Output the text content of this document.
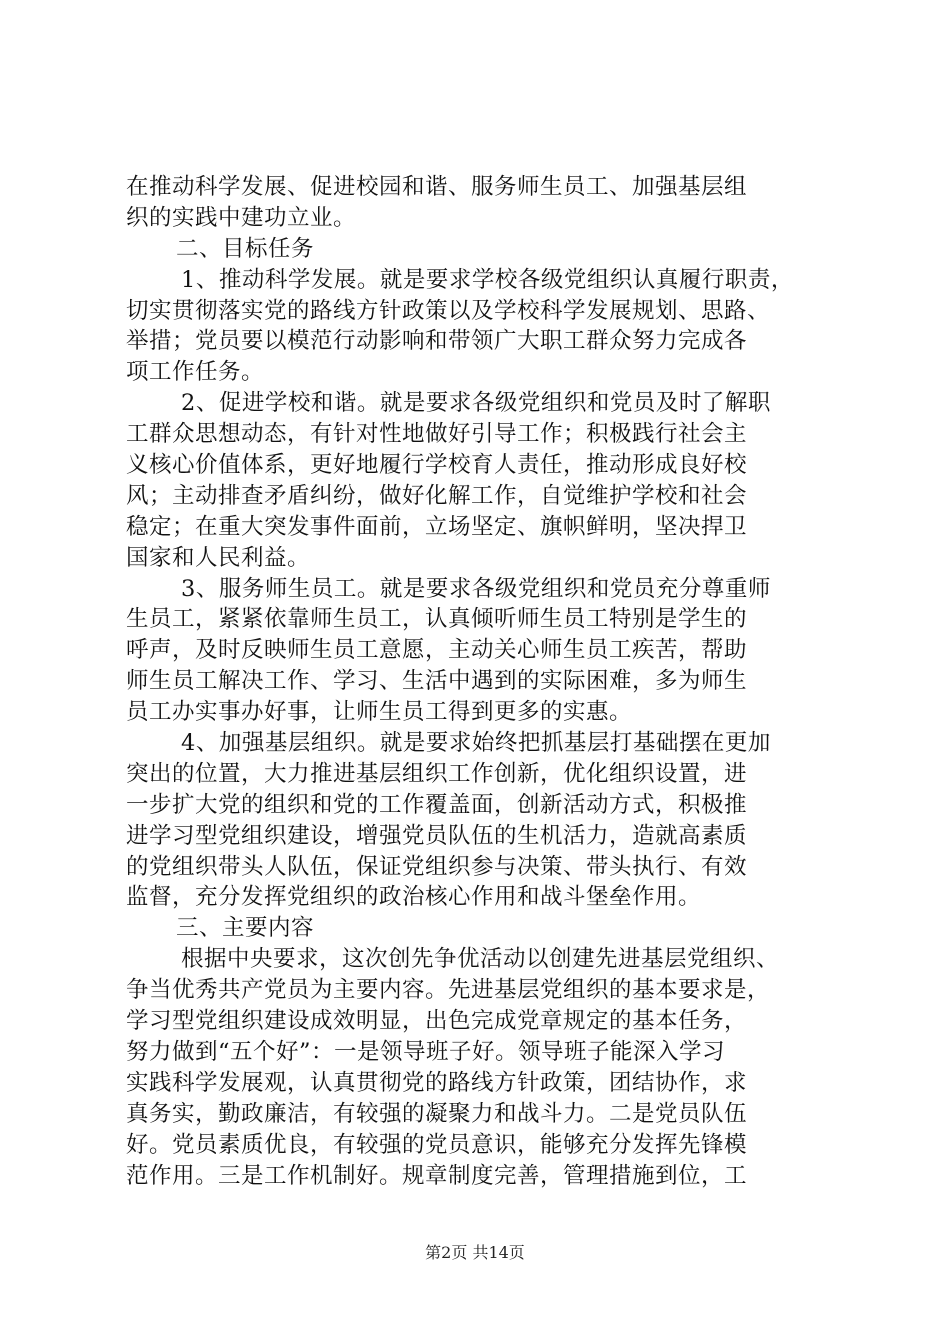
在推动科学发展、促进校园和谐、服务师生员工、加强基层组
织的实践中建功立业。
二、目标任务
1、推动科学发展。就是要求学校各级党组织认真履行职责，
切实贯彻落实党的路线方针政策以及学校科学发展规划、思路、
举措；党员要以模范行动影响和带领广大职工群众努力完成各
项工作任务。
2、促进学校和谐。就是要求各级党组织和党员及时了解职
工群众思想动态，有针对性地做好引导工作；积极践行社会主
义核心价值体系，更好地履行学校育人责任，推动形成良好校
风；主动排查矛盾纠纷，做好化解工作，自觉维护学校和社会
稳定；在重大突发事件面前，立场坚定、旗帜鲜明，坚决捍卫
国家和人民利益。
3、服务师生员工。就是要求各级党组织和党员充分尊重师
生员工，紧紧依靠师生员工，认真倾听师生员工特别是学生的
呼声，及时反映师生员工意愿，主动关心师生员工疾苦，帮助
师生员工解决工作、学习、生活中遇到的实际困难，多为师生
员工办实事办好事，让师生员工得到更多的实惠。
4、加强基层组织。就是要求始终把抓基层打基础摆在更加
突出的位置，大力推进基层组织工作创新，优化组织设置，进
一步扩大党的组织和党的工作覆盖面，创新活动方式，积极推
进学习型党组织建设，增强党员队伍的生机活力，造就高素质
的党组织带头人队伍，保证党组织参与决策、带头执行、有效
监督，充分发挥党组织的政治核心作用和战斗堡垒作用。
三、主要内容
根据中央要求，这次创先争优活动以创建先进基层党组织、
争当优秀共产党员为主要内容。先进基层党组织的基本要求是，
学习型党组织建设成效明显，出色完成党章规定的基本任务，
努力做到“五个好”：一是领导班子好。领导班子能深入学习
实践科学发展观，认真贯彻党的路线方针政策，团结协作，求
真务实，勤政廉洁，有较强的凝聚力和战斗力。二是党员队伍
好。党员素质优良，有较强的党员意识，能够充分发挥先锋模
范作用。三是工作机制好。规章制度完善，管理措施到位，工
第2页 共14页
